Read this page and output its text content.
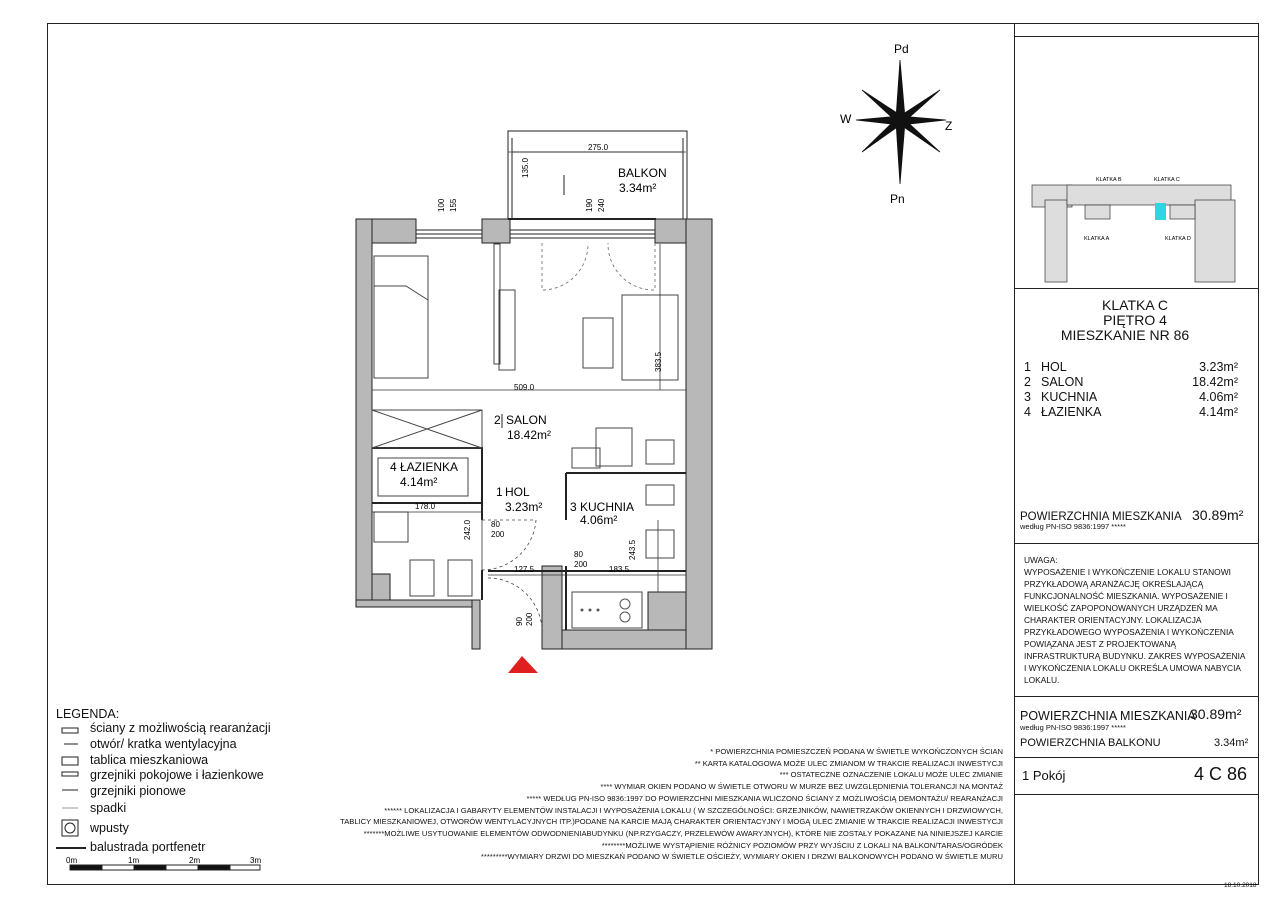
Pd
Pn
W	Z
BALKON
3.34m²
275.0
135.0
100 155	190 240
509.0
383.5
178.0
242.0 80
200
80
200
127.5	183.5
243.5
90 200
2 SALON
18.42m²
4 ŁAZIENKA
4.14m²
1 HOL
3.23m² 3 KUCHNIA
4.06m²
KLATKA B	KLATKA C
KLATKA A	KLATKA D
0m	1m	2m	3m
KLATKA C
PIĘTRO 4
MIESZKANIE NR 86
1 HOL	3.23m²
2 SALON	18.42m²
3 KUCHNIA	4.06m²
4 ŁAZIENKA	4.14m²
POWIERZCHNIA MIESZKANIA
według PN-ISO 9836:1997 *****
30.89m²
UWAGA:
WYPOSAŻENIE I WYKOŃCZENIE LOKALU STANOWI
PRZYKŁADOWĄ ARANŻACJĘ OKREŚLAJĄCĄ
FUNKCJONALNOŚĆ MIESZKANIA. WYPOSAŻENIE I
WIELKOŚĆ ZAPOPONOWANYCH URZĄDZEŃ MA
CHARAKTER ORIENTACYJNY. LOKALIZACJA
PRZYKŁADOWEGO WYPOSAŻENIA I WYKOŃCZENIA
POWIĄZANA JEST Z PROJEKTOWANĄ
INFRASTRUKTURĄ BUDYNKU. ZAKRES WYPOSAŻENIA
I WYKOŃCZENIA LOKALU OKREŚLA UMOWA NABYCIA
LOKALU.
POWIERZCHNIA MIESZKANIA
według PN-ISO 9836:1997 *****
30.89m²
POWIERZCHNIA BALKONU	3.34m²
1 Pokój	4 C 86
18.10.2018
LEGENDA:
ściany z możliwością rearanżacji
otwór/ kratka wentylacyjna
tablica mieszkaniowa
grzejniki pokojowe i łazienkowe
grzejniki pionowe
spadki
wpusty
balustrada portfenetr
* POWIERZCHNIA POMIESZCZEŃ PODANA W ŚWIETLE WYKOŃCZONYCH ŚCIAN
** KARTA KATALOGOWA MOŻE ULEC ZMIANOM W TRAKCIE REALIZACJI INWESTYCJI
*** OSTATECZNE OZNACZENIE LOKALU MOŻE ULEC ZMIANIE
**** WYMIAR OKIEN PODANO W ŚWIETLE OTWORU W MURZE BEZ UWZGLĘDNIENIA TOLERANCJI NA MONTAŻ
***** WEDŁUG PN-ISO 9836:1997 DO POWIERZCHNI MIESZKANIA WLICZONO ŚCIANY Z MOŻLIWOŚCIĄ DEMONTAŻU/ REARANŻACJI
****** LOKALIZACJA I GABARYTY ELEMENTÓW INSTALACJI I WYPOSAŻENIA LOKALU ( W SZCZEGÓLNOŚCI: GRZEJNIKÓW, NAWIETRZAKÓW OKIENNYCH I DRZWIOWYCH,
TABLICY MIESZKANIOWEJ, OTWORÓW WENTYLACYJNYCH ITP.)PODANE NA KARCIE MAJĄ CHARAKTER ORIENTACYJNY I MOGĄ ULEC ZMIANIE W TRAKCIE REALIZACJI INWESTYCJI
*******MOŻLIWE USYTUOWANIE ELEMENTÓW ODWODNIENIABUDYNKU (NP.RZYGACZY, PRZELEWÓW AWARYJNYCH), KTÓRE NIE ZOSTAŁY POKAZANE NA NINIEJSZEJ KARCIE
********MOŻLIWE WYSTĄPIENIE RÓŻNICY POZIOMÓW PRZY WYJŚCIU Z LOKALI NA BALKON/TARAS/OGRÓDEK
*********WYMIARY DRZWI DO MIESZKAŃ PODANO W ŚWIETLE OŚCIEŻY, WYMIARY OKIEN I DRZWI BALKONOWYCH PODANO W ŚWIETLE MURU
